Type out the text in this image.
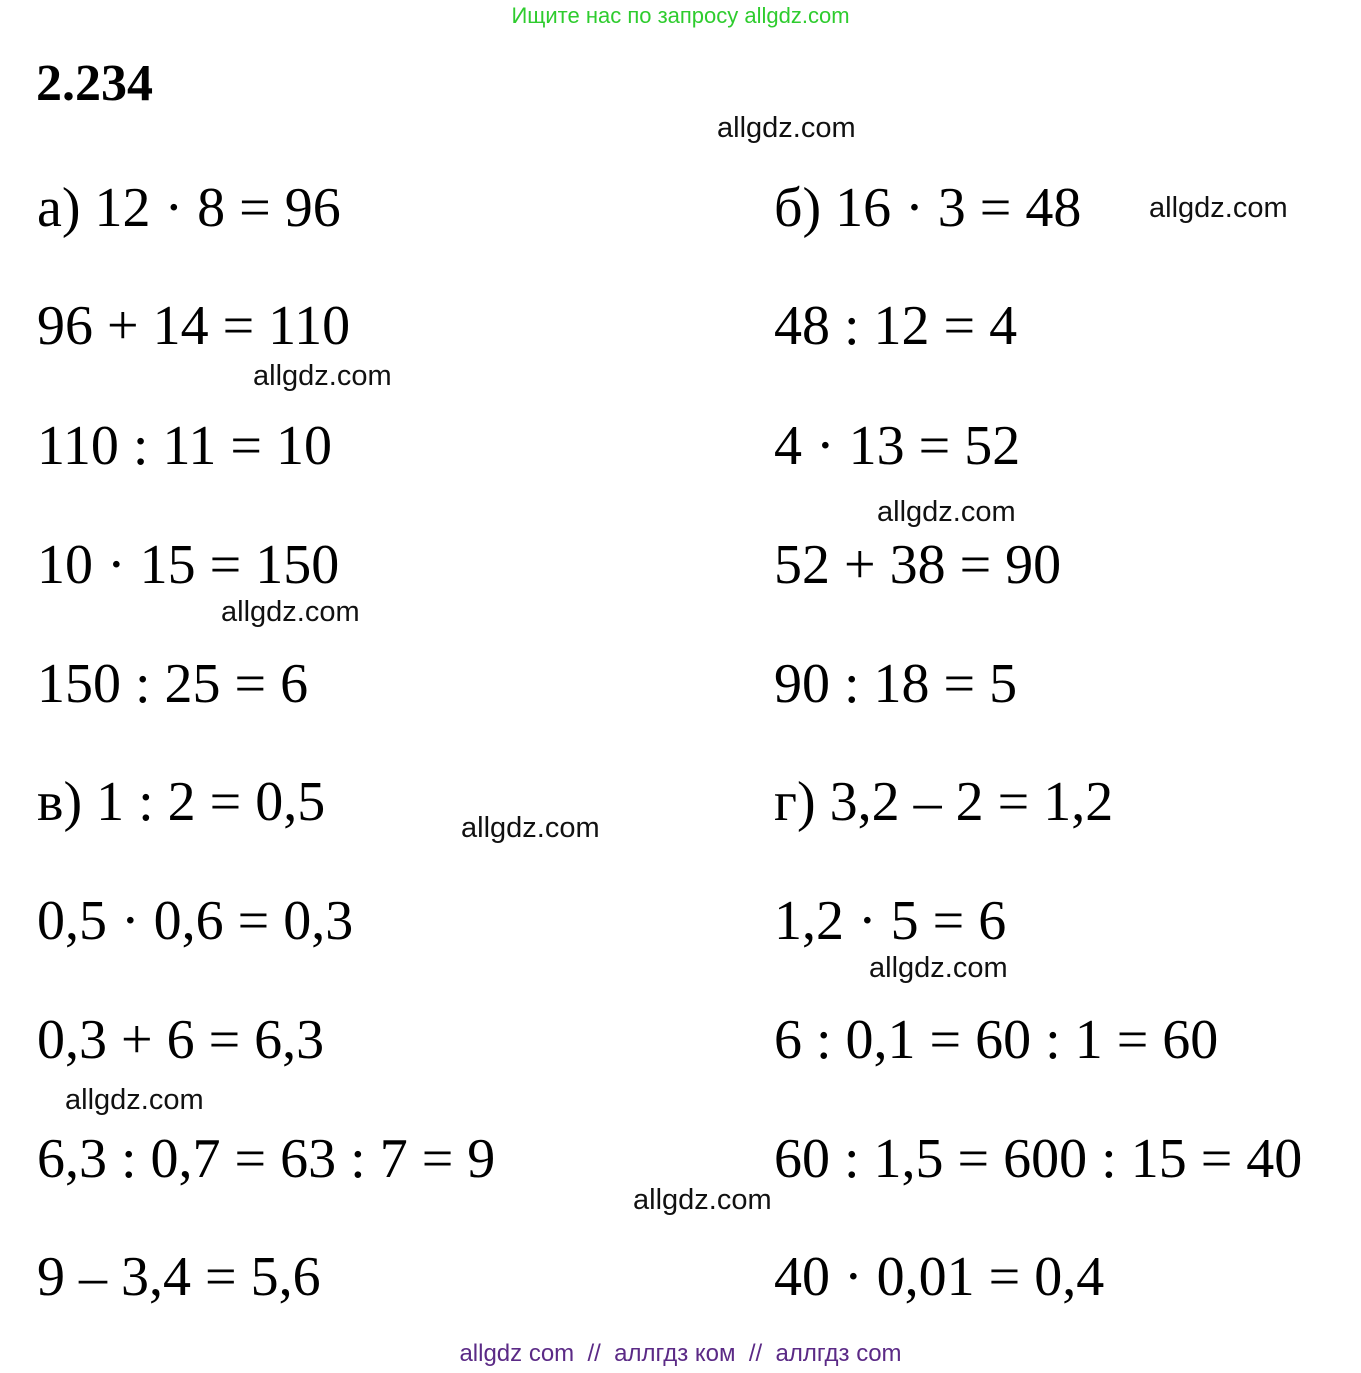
Ищите нас по запросу allgdz.com
2.234
а) 12 · 8 = 96
96 + 14 = 110
110 : 11 = 10
10 · 15 = 150
150 : 25 = 6
в) 1 : 2 = 0,5
0,5 · 0,6 = 0,3
0,3 + 6 = 6,3
6,3 : 0,7 = 63 : 7 = 9
9 – 3,4 = 5,6
б) 16 · 3 = 48
48 : 12 = 4
4 · 13 = 52
52 + 38 = 90
90 : 18 = 5
г) 3,2 – 2 = 1,2
1,2 · 5 = 6
6 : 0,1 = 60 : 1 = 60
60 : 1,5 = 600 : 15 = 40
40 · 0,01 = 0,4
allgdz.com
allgdz.com
allgdz.com
allgdz.com
allgdz.com
allgdz.com
allgdz.com
allgdz.com
allgdz.com
allgdz com  //  аллгдз ком  //  аллгдз com
